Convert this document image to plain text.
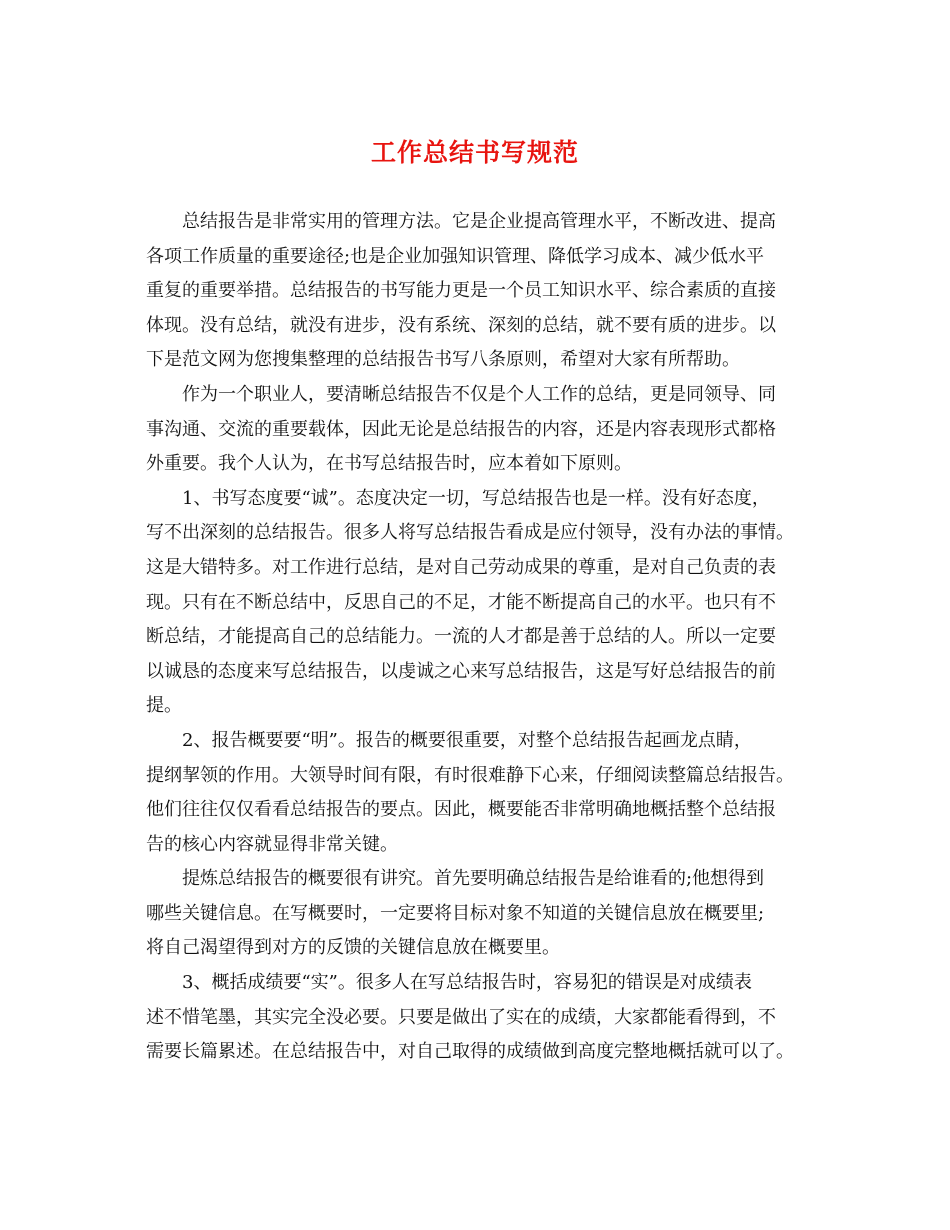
工作总结书写规范

总结报告是非常实用的管理方法。它是企业提高管理水平，不断改进、提高
各项工作质量的重要途径;也是企业加强知识管理、降低学习成本、减少低水平
重复的重要举措。总结报告的书写能力更是一个员工知识水平、综合素质的直接
体现。没有总结，就没有进步，没有系统、深刻的总结，就不要有质的进步。以
下是范文网为您搜集整理的总结报告书写八条原则，希望对大家有所帮助。

作为一个职业人，要清晰总结报告不仅是个人工作的总结，更是同领导、同
事沟通、交流的重要载体，因此无论是总结报告的内容，还是内容表现形式都格
外重要。我个人认为，在书写总结报告时，应本着如下原则。

1、书写态度要“诚”。态度决定一切，写总结报告也是一样。没有好态度，
写不出深刻的总结报告。很多人将写总结报告看成是应付领导，没有办法的事情。
这是大错特多。对工作进行总结，是对自己劳动成果的尊重，是对自己负责的表
现。只有在不断总结中，反思自己的不足，才能不断提高自己的水平。也只有不
断总结，才能提高自己的总结能力。一流的人才都是善于总结的人。所以一定要
以诚恳的态度来写总结报告，以虔诚之心来写总结报告，这是写好总结报告的前
提。

2、报告概要要“明”。报告的概要很重要，对整个总结报告起画龙点睛，
提纲挈领的作用。大领导时间有限，有时很难静下心来，仔细阅读整篇总结报告。
他们往往仅仅看看总结报告的要点。因此，概要能否非常明确地概括整个总结报
告的核心内容就显得非常关键。

提炼总结报告的概要很有讲究。首先要明确总结报告是给谁看的;他想得到
哪些关键信息。在写概要时，一定要将目标对象不知道的关键信息放在概要里;
将自己渴望得到对方的反馈的关键信息放在概要里。

3、概括成绩要“实”。很多人在写总结报告时，容易犯的错误是对成绩表
述不惜笔墨，其实完全没必要。只要是做出了实在的成绩，大家都能看得到，不
需要长篇累述。在总结报告中，对自己取得的成绩做到高度完整地概括就可以了。
